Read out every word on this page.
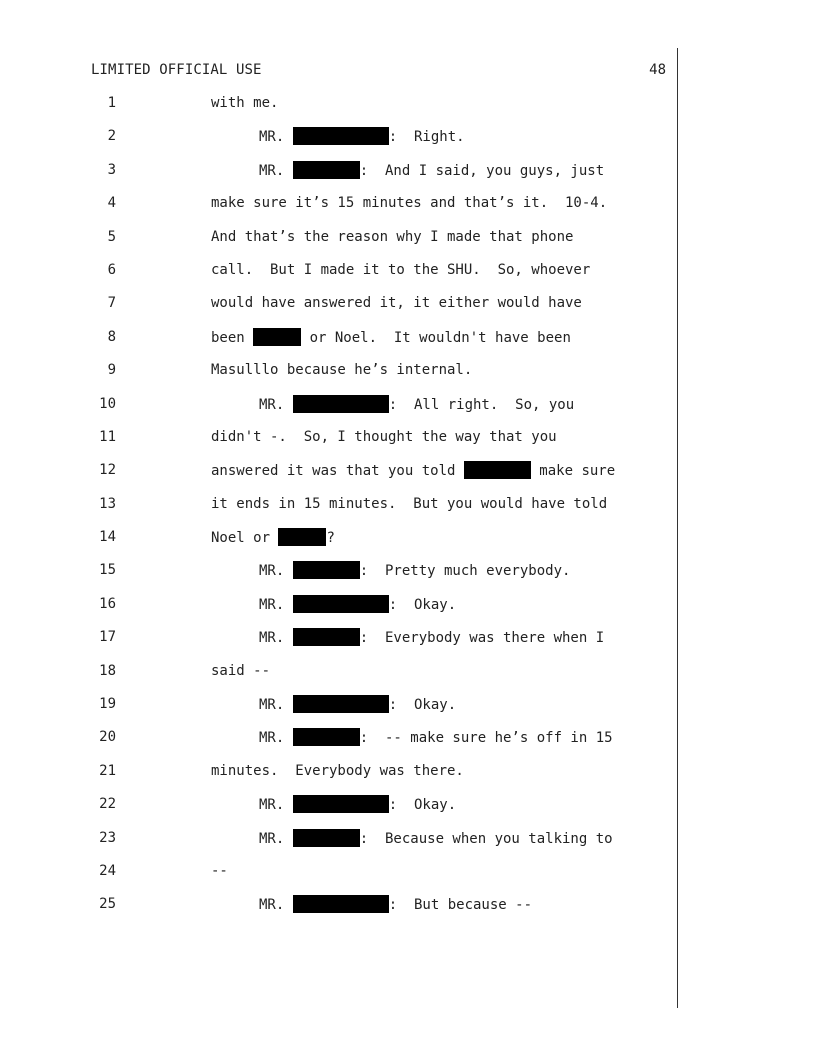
LIMITED OFFICIAL USE	48
1	with me.
2	MR.	:  Right.
3	MR.	:  And I said, you guys, just
4	make sure it’s 15 minutes and that’s it.  10-4.
5	And that’s the reason why I made that phone
6	call.  But I made it to the SHU.  So, whoever
7	would have answered it, it either would have
8	been	or Noel.  It wouldn't have been
9	Masulllo because he’s internal.
10	MR.	:  All right.  So, you
11	didn't -.  So, I thought the way that you
12	answered it was that you told	make sure
13	it ends in 15 minutes.  But you would have told
14	Noel or	?
15	MR.	:  Pretty much everybody.
16	MR.	:  Okay.
17	MR.	:  Everybody was there when I
18	said --
19	MR.	:  Okay.
20	MR.	:  -- make sure he’s off in 15
21	minutes.  Everybody was there.
22	MR.	:  Okay.
23	MR.	:  Because when you talking to
24	--
25	MR.	:  But because --
